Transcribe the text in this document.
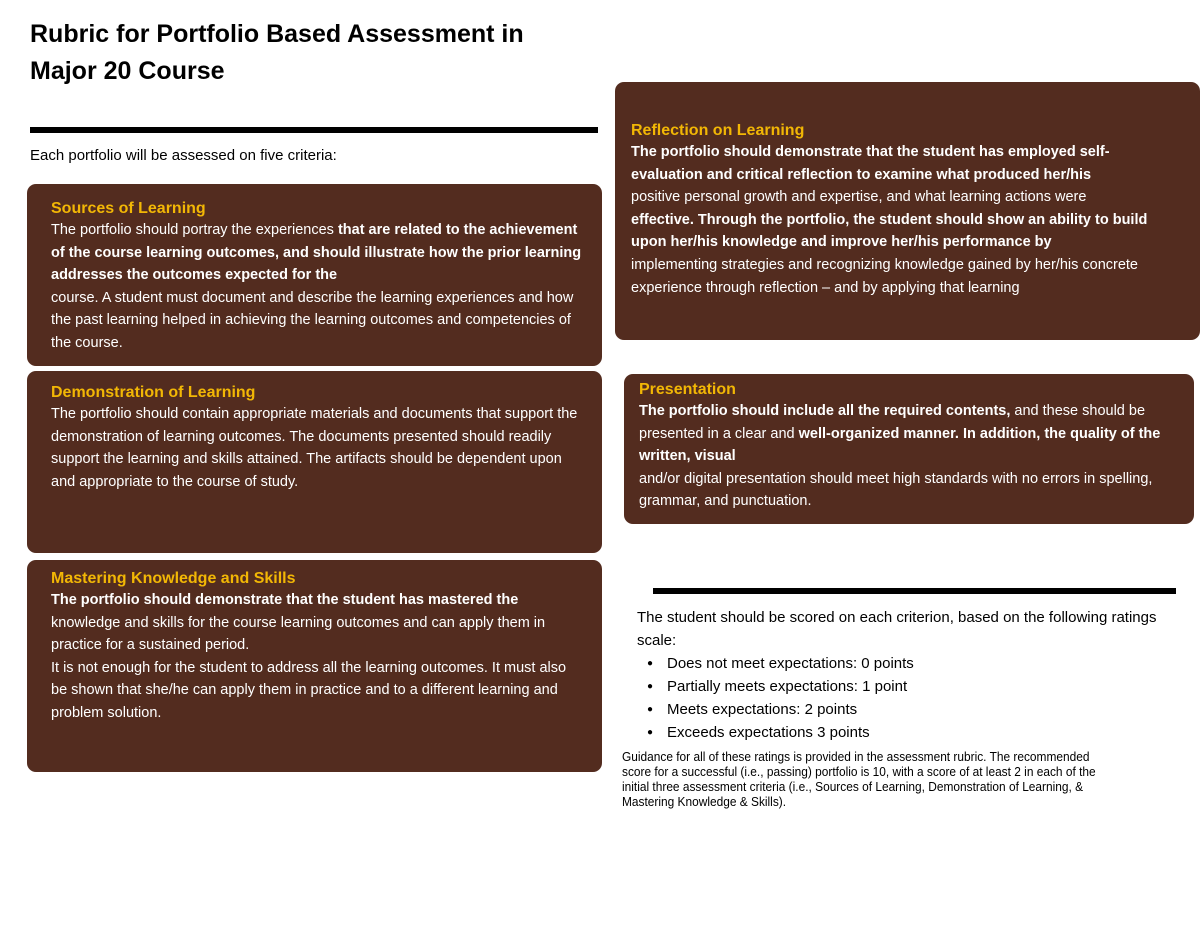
Rubric for Portfolio Based Assessment in
Major 20 Course
Each portfolio will be assessed on five criteria:
Sources of Learning
The portfolio should portray the experiences that are related to the achievement of the course learning outcomes, and should illustrate how the prior learning addresses the outcomes expected for the
course. A student must document and describe the learning experiences and how the past learning helped in achieving the learning outcomes and competencies of the course.
Demonstration of Learning
The portfolio should contain appropriate materials and documents that support the demonstration of learning outcomes. The documents presented should readily support the learning and skills attained. The artifacts should be dependent upon and appropriate to the course of study.
Mastering Knowledge and Skills
The portfolio should demonstrate that the student has mastered the
knowledge and skills for the course learning outcomes and can apply them in practice for a sustained period.
It is not enough for the student to address all the learning outcomes. It must also be shown that she/he can apply them in practice and to a different learning and problem solution.
Reflection on Learning
The portfolio should demonstrate that the student has employed self-evaluation and critical reflection to examine what produced her/his
positive personal growth and expertise, and what learning actions were
effective. Through the portfolio, the student should show an ability to build upon her/his knowledge and improve her/his performance by
implementing strategies and recognizing knowledge gained by her/his concrete experience through reflection – and by applying that learning
Presentation
The portfolio should include all the required contents, and these should be presented in a clear and well-organized manner. In addition, the quality of the written, visual
and/or digital presentation should meet high standards with no errors in spelling, grammar, and punctuation.
The student should be scored on each criterion, based on the following ratings scale:
● Does not meet expectations: 0 points
● Partially meets expectations: 1 point
● Meets expectations: 2 points
● Exceeds expectations 3 points
Guidance for all of these ratings is provided in the assessment rubric. The recommended score for a successful (i.e., passing) portfolio is 10, with a score of at least 2 in each of the initial three assessment criteria (i.e., Sources of Learning, Demonstration of Learning, & Mastering Knowledge & Skills).
